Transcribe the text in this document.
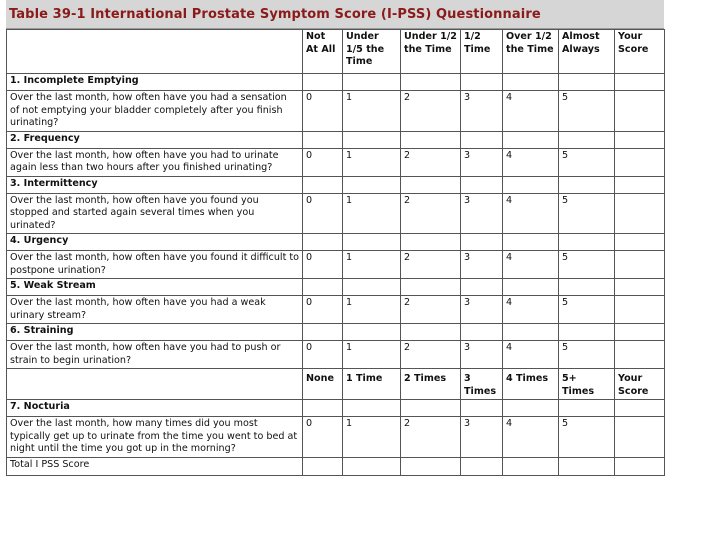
Table 39-1 International Prostate Symptom Score (I-PSS) Questionnaire
	Not At All	Under 1/5 the Time	Under 1/2 the Time	1/2 Time	Over 1/2 the Time	Almost Always	Your Score
1. Incomplete Emptying							
Over the last month, how often have you had a sensation of not emptying your bladder completely after you finish urinating?	0	1	2	3	4	5	
2. Frequency							
Over the last month, how often have you had to urinate again less than two hours after you finished urinating?	0	1	2	3	4	5	
3. Intermittency							
Over the last month, how often have you found you stopped and started again several times when you urinated?	0	1	2	3	4	5	
4. Urgency							
Over the last month, how often have you found it difficult to postpone urination?	0	1	2	3	4	5	
5. Weak Stream							
Over the last month, how often have you had a weak urinary stream?	0	1	2	3	4	5	
6. Straining							
Over the last month, how often have you had to push or strain to begin urination?	0	1	2	3	4	5	
	None	1 Time	2 Times	3 Times	4 Times	5+ Times	Your Score
7. Nocturia							
Over the last month, how many times did you most typically get up to urinate from the time you went to bed at night until the time you got up in the morning?	0	1	2	3	4	5	
Total I PSS Score							
